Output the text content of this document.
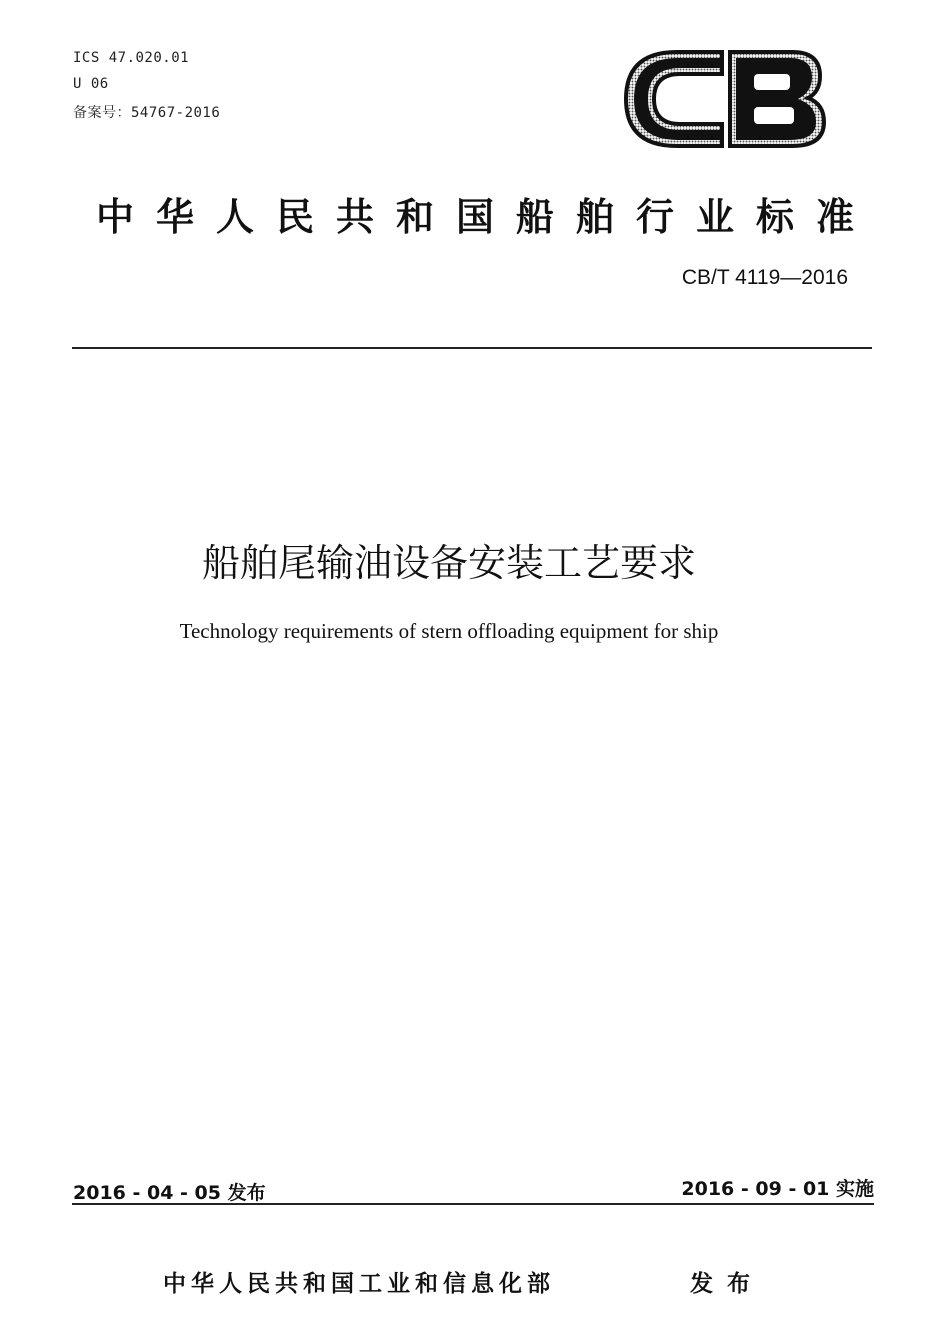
ICS 47.020.01
U 06
备案号：54767-2016
中华人民共和国船舶行业标准
CB/T 4119—2016
船舶尾输油设备安装工艺要求
Technology requirements of stern offloading equipment for ship
2016 - 04 - 05 发布	2016 - 09 - 01 实施
中华人民共和国工业和信息化部	发布
